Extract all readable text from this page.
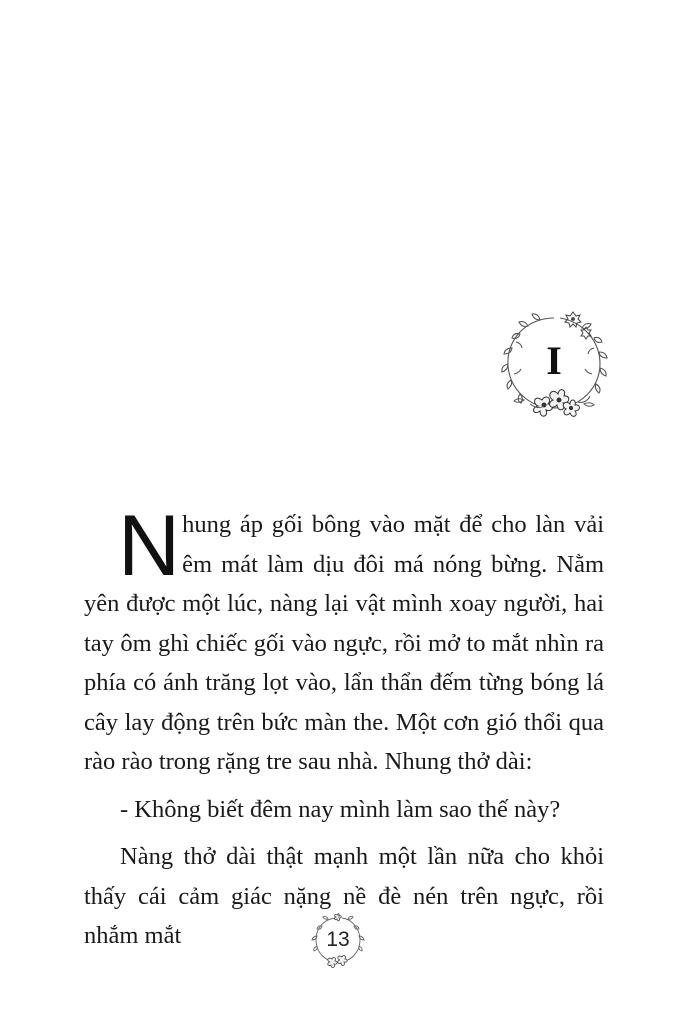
I

Nhung áp gối bông vào mặt để cho làn vải êm mát làm dịu đôi má nóng bừng. Nằm yên được một lúc, nàng lại vật mình xoay người, hai tay ôm ghì chiếc gối vào ngực, rồi mở to mắt nhìn ra phía có ánh trăng lọt vào, lẩn thẩn đếm từng bóng lá cây lay động trên bức màn the. Một cơn gió thổi qua rào rào trong rặng tre sau nhà. Nhung thở dài:

- Không biết đêm nay mình làm sao thế này?

Nàng thở dài thật mạnh một lần nữa cho khỏi thấy cái cảm giác nặng nề đè nén trên ngực, rồi nhắm mắt	13
